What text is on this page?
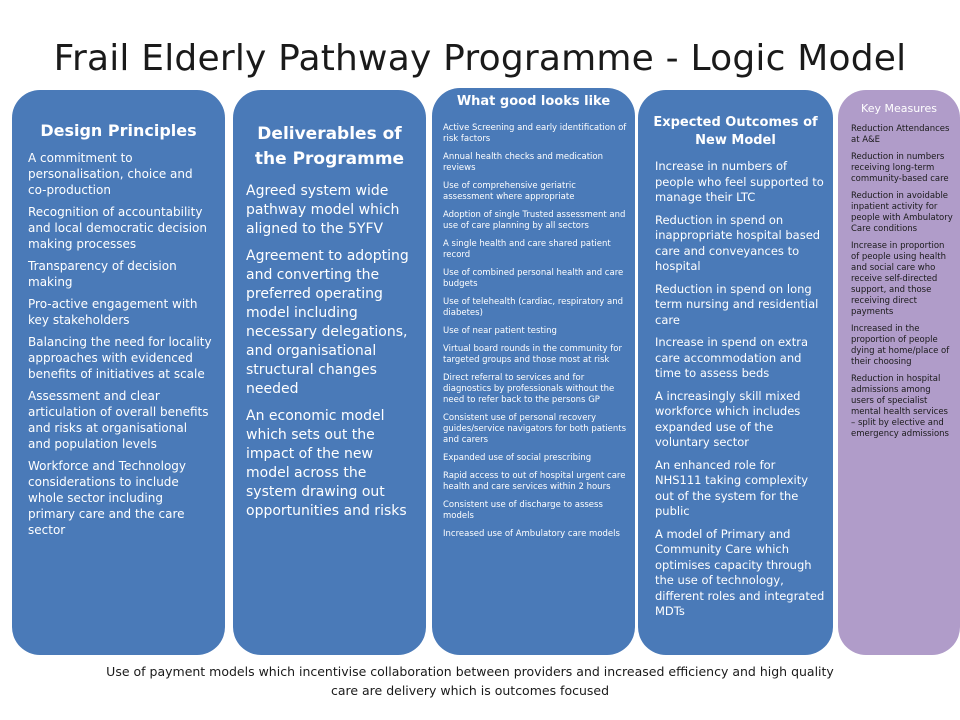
Frail Elderly Pathway Programme - Logic Model
Design Principles
A commitment to personalisation, choice and co-production
Recognition of accountability and local democratic decision making processes
Transparency of decision making
Pro-active engagement with key stakeholders
Balancing the need for locality approaches with evidenced benefits of initiatives at scale
Assessment and clear articulation of overall benefits and risks at organisational and population levels
Workforce and Technology considerations to include whole sector including primary care and the care sector
Deliverables of the Programme
Agreed system wide pathway model which aligned to the 5YFV
Agreement to adopting and converting the preferred operating model including necessary delegations, and organisational structural changes needed
An economic model which sets out the impact of the new model across the system drawing out opportunities and risks
What good looks like
Active Screening and early identification of risk factors
Annual health checks and medication reviews
Use of comprehensive geriatric assessment where appropriate
Adoption of single Trusted assessment and use of care planning by all sectors
A single health and care shared patient record
Use of combined personal health and care budgets
Use of telehealth (cardiac, respiratory and diabetes)
Use of near patient testing
Virtual board rounds in the community for targeted groups and those most at risk
Direct referral to services and for diagnostics by professionals without the need to refer back to the persons GP
Consistent use of personal recovery guides/service navigators for both patients and carers
Expanded use of social prescribing
Rapid access to out of hospital urgent care health and care services within 2 hours
Consistent use of discharge to assess models
Increased use of Ambulatory care models
Expected Outcomes of New Model
Increase in numbers of people who feel supported to manage their LTC
Reduction in spend on inappropriate hospital based care and conveyances to hospital
Reduction in spend on long term nursing and residential care
Increase in spend on extra care accommodation and time to assess beds
A increasingly skill mixed workforce which includes expanded use of the voluntary sector
An enhanced role for NHS111 taking complexity out of the system for the public
A model of Primary and Community Care which optimises capacity through the use of technology, different roles and integrated MDTs
Key Measures
Reduction Attendances at A&E
Reduction in numbers receiving long-term community-based care
Reduction in avoidable inpatient activity for people with Ambulatory Care conditions
Increase in proportion of people using health and social care who receive self-directed support, and those receiving direct payments
Increased in the proportion of people dying at home/place of their choosing
Reduction in hospital admissions among users of specialist mental health services – split by elective and emergency admissions
Use of payment models which incentivise collaboration between providers and increased efficiency and high quality care are delivery which is outcomes focused
